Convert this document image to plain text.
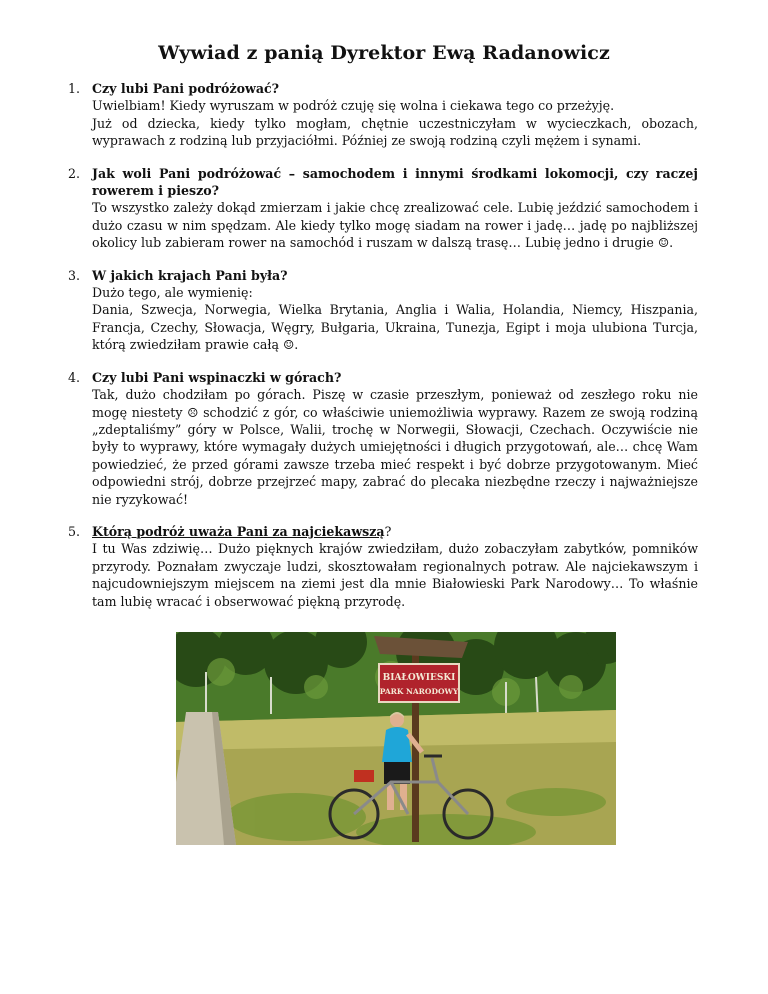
Wywiad z panią Dyrektor Ewą Radanowicz
1. Czy lubi Pani podróżować?

Uwielbiam! Kiedy wyruszam w podróż czuję się wolna i ciekawa tego co przeżyję.

Już od dziecka, kiedy tylko mogłam, chętnie uczestniczyłam w wycieczkach, obozach, wyprawach z rodziną lub przyjaciółmi. Później ze swoją rodziną czyli mężem i synami.

2. Jak woli Pani podróżować – samochodem i innymi środkami lokomocji, czy raczej rowerem i pieszo?

To wszystko zależy dokąd zmierzam i jakie chcę zrealizować cele. Lubię jeździć samochodem i dużo czasu w nim spędzam. Ale kiedy tylko mogę siadam na rower i jadę… jadę po najbliższej okolicy lub zabieram rower na samochód i ruszam w dalszą trasę… Lubię jedno i drugie ☺.

3. W jakich krajach Pani była?

Dużo tego, ale wymienię:

Dania, Szwecja, Norwegia, Wielka Brytania, Anglia i Walia, Holandia, Niemcy, Hiszpania, Francja, Czechy, Słowacja, Węgry, Bułgaria, Ukraina, Tunezja, Egipt i moja ulubiona Turcja, którą zwiedziłam prawie całą ☺.

4. Czy lubi Pani wspinaczki w górach?

Tak, dużo chodziłam po górach. Piszę w czasie przeszłym, ponieważ od zeszłego roku nie mogę niestety ☹ schodzić z gór, co właściwie uniemożliwia wyprawy. Razem ze swoją rodziną „zdeptaliśmy” góry w Polsce, Walii, trochę w Norwegii, Słowacji, Czechach. Oczywiście nie były to wyprawy, które wymagały dużych umiejętności i długich przygotowań, ale… chcę Wam powiedzieć, że przed górami zawsze trzeba mieć respekt i być dobrze przygotowanym. Mieć odpowiedni strój, dobrze przejrzeć mapy, zabrać do plecaka niezbędne rzeczy i najważniejsze nie ryzykować!

5. Którą podróż uważa Pani za najciekawszą?

I tu Was zdziwię… Dużo pięknych krajów zwiedziłam, dużo zobaczyłam zabytków, pomników przyrody. Poznałam zwyczaje ludzi, skosztowałam regionalnych potraw. Ale najciekawszym i najcudowniejszym miejscem na ziemi jest dla mnie Białowieski Park Narodowy… To właśnie tam lubię wracać i obserwować piękną przyrodę.

BIAŁOWIESKI
PARK NARODOWY
